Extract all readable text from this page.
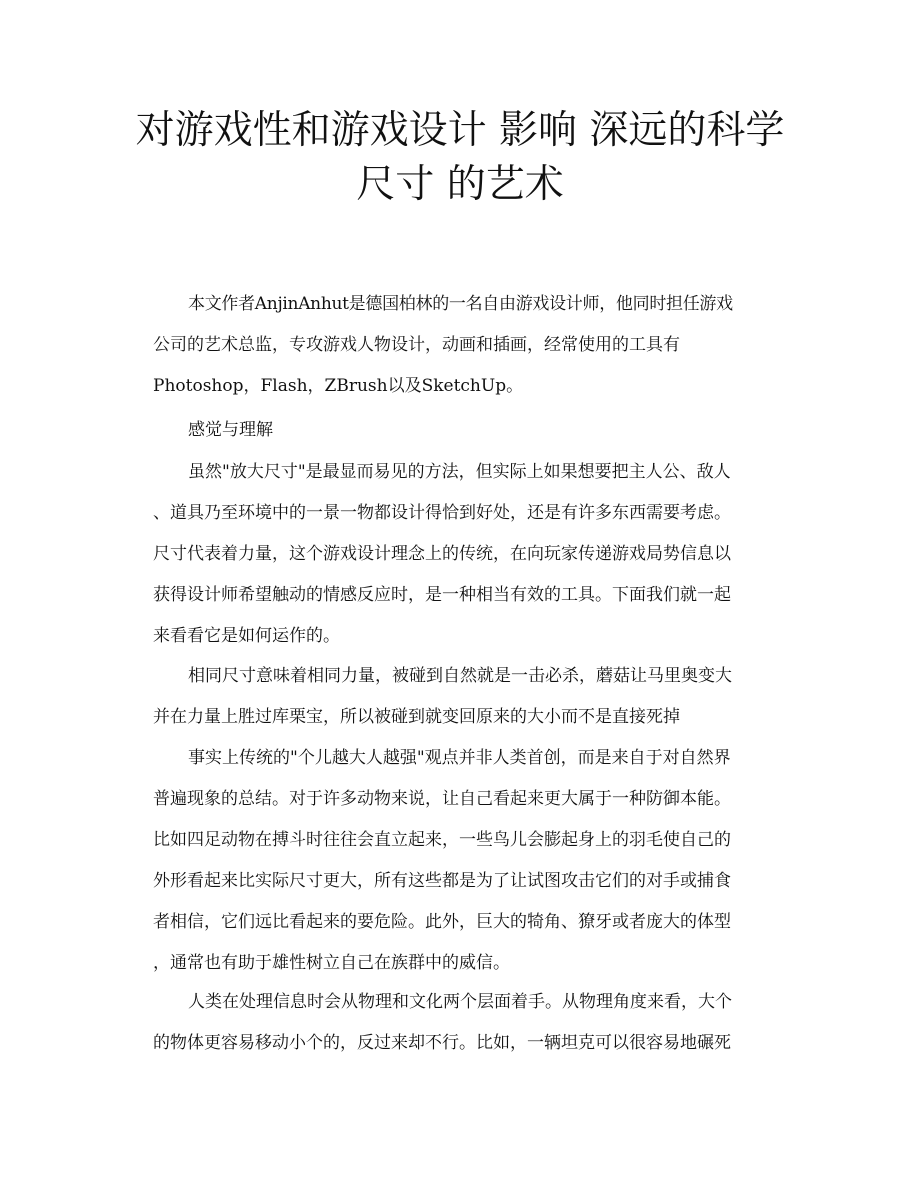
对游戏性和游戏设计 影响 深远的科学
尺寸 的艺术
本文作者AnjinAnhut是德国柏林的一名自由游戏设计师，他同时担任游戏
公司的艺术总监，专攻游戏人物设计，动画和插画，经常使用的工具有
Photoshop，Flash，ZBrush以及SketchUp。
感觉与理解
虽然"放大尺寸"是最显而易见的方法，但实际上如果想要把主人公、敌人
、道具乃至环境中的一景一物都设计得恰到好处，还是有许多东西需要考虑。
尺寸代表着力量，这个游戏设计理念上的传统，在向玩家传递游戏局势信息以
获得设计师希望触动的情感反应时，是一种相当有效的工具。下面我们就一起
来看看它是如何运作的。
相同尺寸意味着相同力量，被碰到自然就是一击必杀，蘑菇让马里奥变大
并在力量上胜过库栗宝，所以被碰到就变回原来的大小而不是直接死掉
事实上传统的"个儿越大人越强"观点并非人类首创，而是来自于对自然界
普遍现象的总结。对于许多动物来说，让自己看起来更大属于一种防御本能。
比如四足动物在搏斗时往往会直立起来，一些鸟儿会膨起身上的羽毛使自己的
外形看起来比实际尺寸更大，所有这些都是为了让试图攻击它们的对手或捕食
者相信，它们远比看起来的要危险。此外，巨大的犄角、獠牙或者庞大的体型
，通常也有助于雄性树立自己在族群中的威信。
人类在处理信息时会从物理和文化两个层面着手。从物理角度来看，大个
的物体更容易移动小个的，反过来却不行。比如，一辆坦克可以很容易地碾死
